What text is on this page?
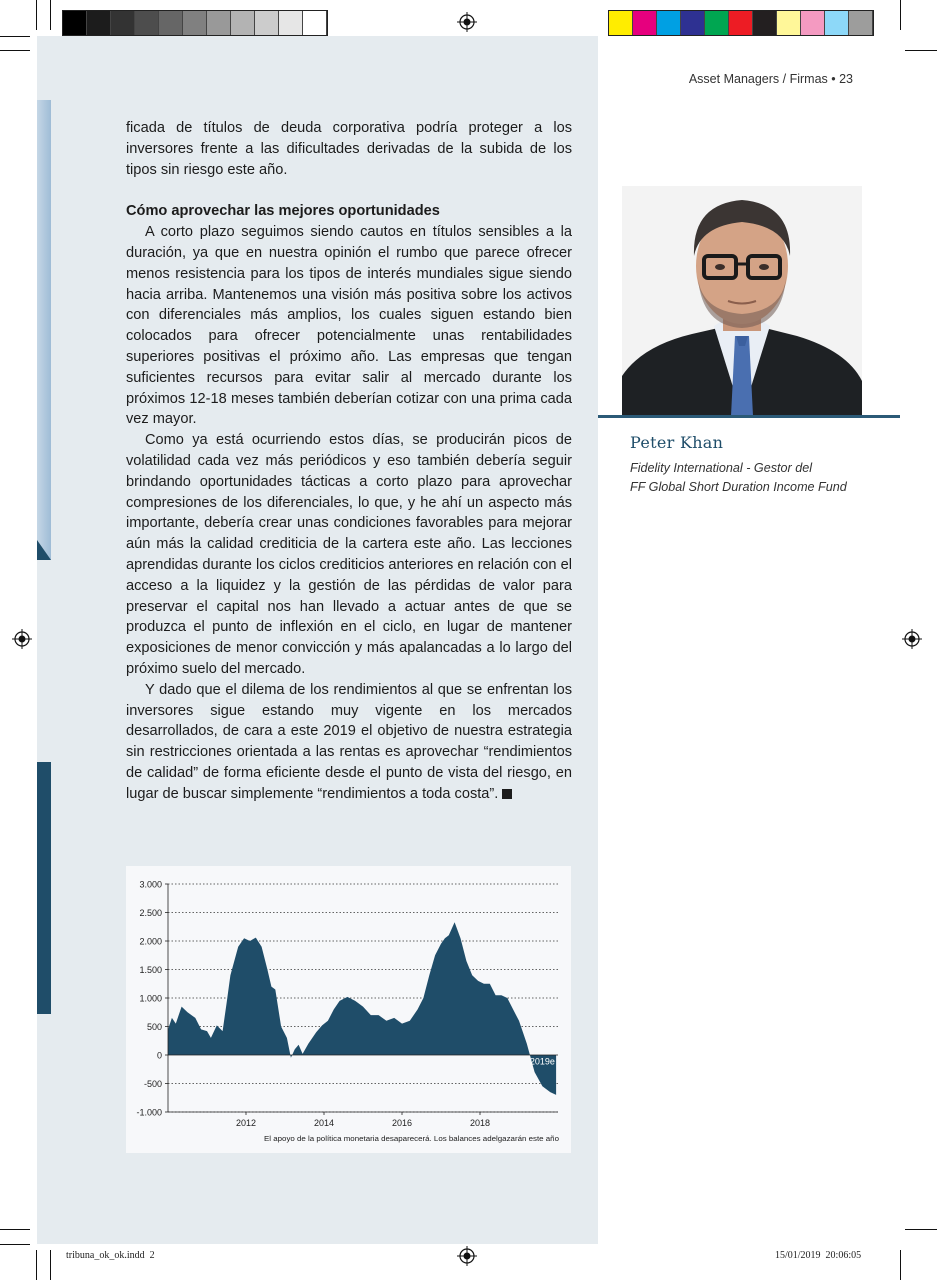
Asset Managers / Firmas • 23

ficada de títulos de deuda corporativa podría proteger a los inversores frente a las dificultades derivadas de la subida de los tipos sin riesgo este año.

Cómo aprovechar las mejores oportunidades

A corto plazo seguimos siendo cautos en títulos sensibles a la duración, ya que en nuestra opinión el rumbo que parece ofrecer menos resistencia para los tipos de interés mundiales sigue siendo hacia arriba. Mantenemos una visión más positiva sobre los activos con diferenciales más amplios, los cuales siguen estando bien colocados para ofrecer potencialmente unas rentabilidades superiores positivas el próximo año. Las empresas que tengan suficientes recursos para evitar salir al mercado durante los próximos 12-18 meses también deberían cotizar con una prima cada vez mayor.

Como ya está ocurriendo estos días, se producirán picos de volatilidad cada vez más periódicos y eso también debería seguir brindando oportunidades tácticas a corto plazo para aprovechar compresiones de los diferenciales, lo que, y he ahí un aspecto más importante, debería crear unas condiciones favorables para mejorar aún más la calidad crediticia de la cartera este año. Las lecciones aprendidas durante los ciclos crediticios anteriores en relación con el acceso a la liquidez y la gestión de las pérdidas de valor para preservar el capital nos han llevado a actuar antes de que se produzca el punto de inflexión en el ciclo, en lugar de mantener exposiciones de menor convicción y más apalancadas a lo largo del próximo suelo del mercado.

Y dado que el dilema de los rendimientos al que se enfrentan los inversores sigue estando muy vigente en los mercados desarrollados, de cara a este 2019 el objetivo de nuestra estrategia sin restricciones orientada a las rentas es aprovechar “rendimientos de calidad” de forma eficiente desde el punto de vista del riesgo, en lugar de buscar simplemente “rendimientos a toda costa”.

Peter Khan
Fidelity International - Gestor del
FF Global Short Duration Income Fund
3.000
2.500
2.000
1.500
1.000
500
0
-500
-1.000
2012	2014	2016	2018
2019e
El apoyo de la política monetaria desaparecerá. Los balances adelgazarán este año
tribuna_ok_ok.indd  2	15/01/2019  20:06:05
